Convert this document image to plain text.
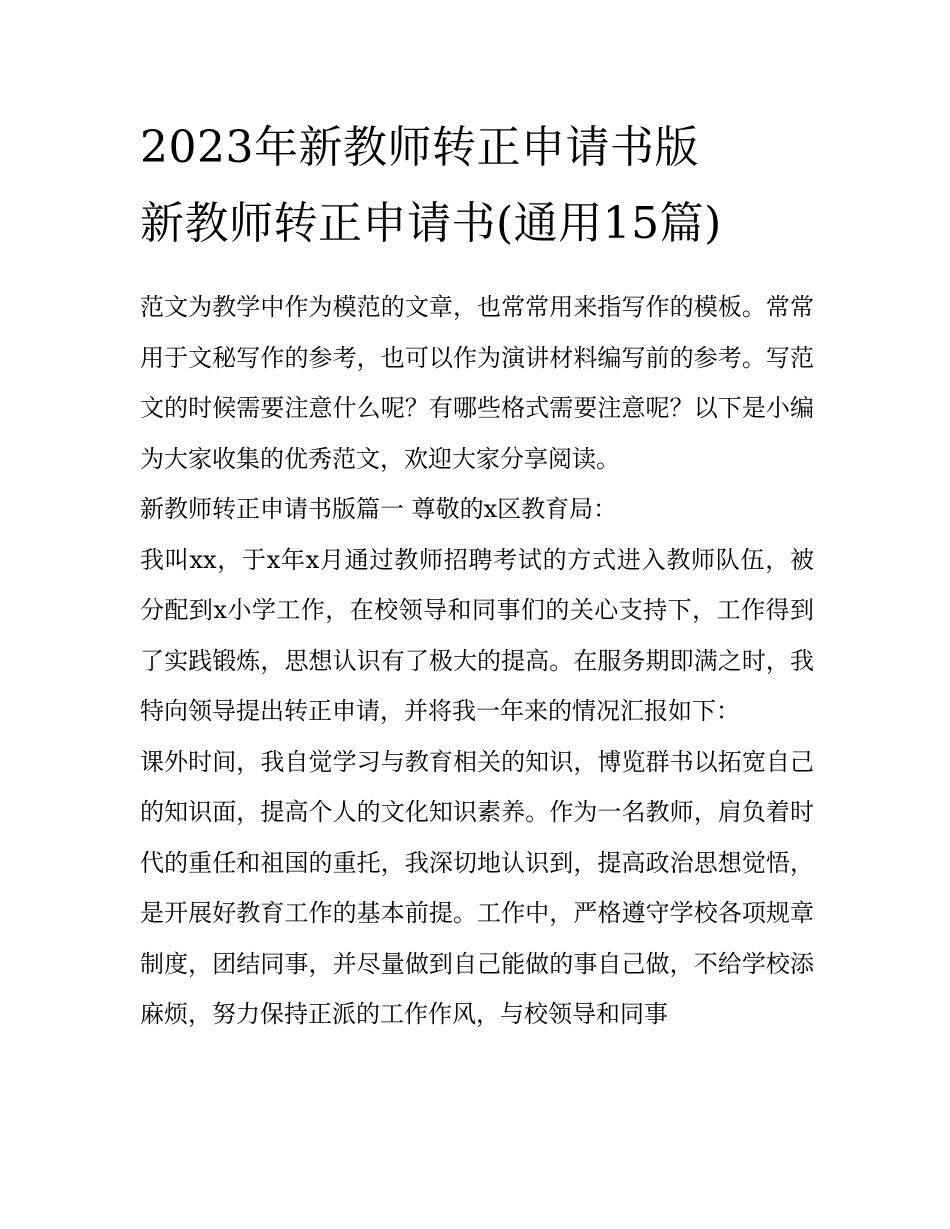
2023年新教师转正申请书版
新教师转正申请书(通用15篇)

范文为教学中作为模范的文章，也常常用来指写作的模板。常常用于文秘写作的参考，也可以作为演讲材料编写前的参考。写范文的时候需要注意什么呢？有哪些格式需要注意呢？以下是小编为大家收集的优秀范文，欢迎大家分享阅读。

新教师转正申请书版篇一 尊敬的x区教育局：

我叫xx，于x年x月通过教师招聘考试的方式进入教师队伍，被分配到x小学工作，在校领导和同事们的关心支持下，工作得到了实践锻炼，思想认识有了极大的提高。在服务期即满之时，我特向领导提出转正申请，并将我一年来的情况汇报如下：

课外时间，我自觉学习与教育相关的知识，博览群书以拓宽自己的知识面，提高个人的文化知识素养。作为一名教师，肩负着时代的重任和祖国的重托，我深切地认识到，提高政治思想觉悟，是开展好教育工作的基本前提。工作中，严格遵守学校各项规章制度，团结同事，并尽量做到自己能做的事自己做，不给学校添麻烦，努力保持正派的工作作风，与校领导和同事
